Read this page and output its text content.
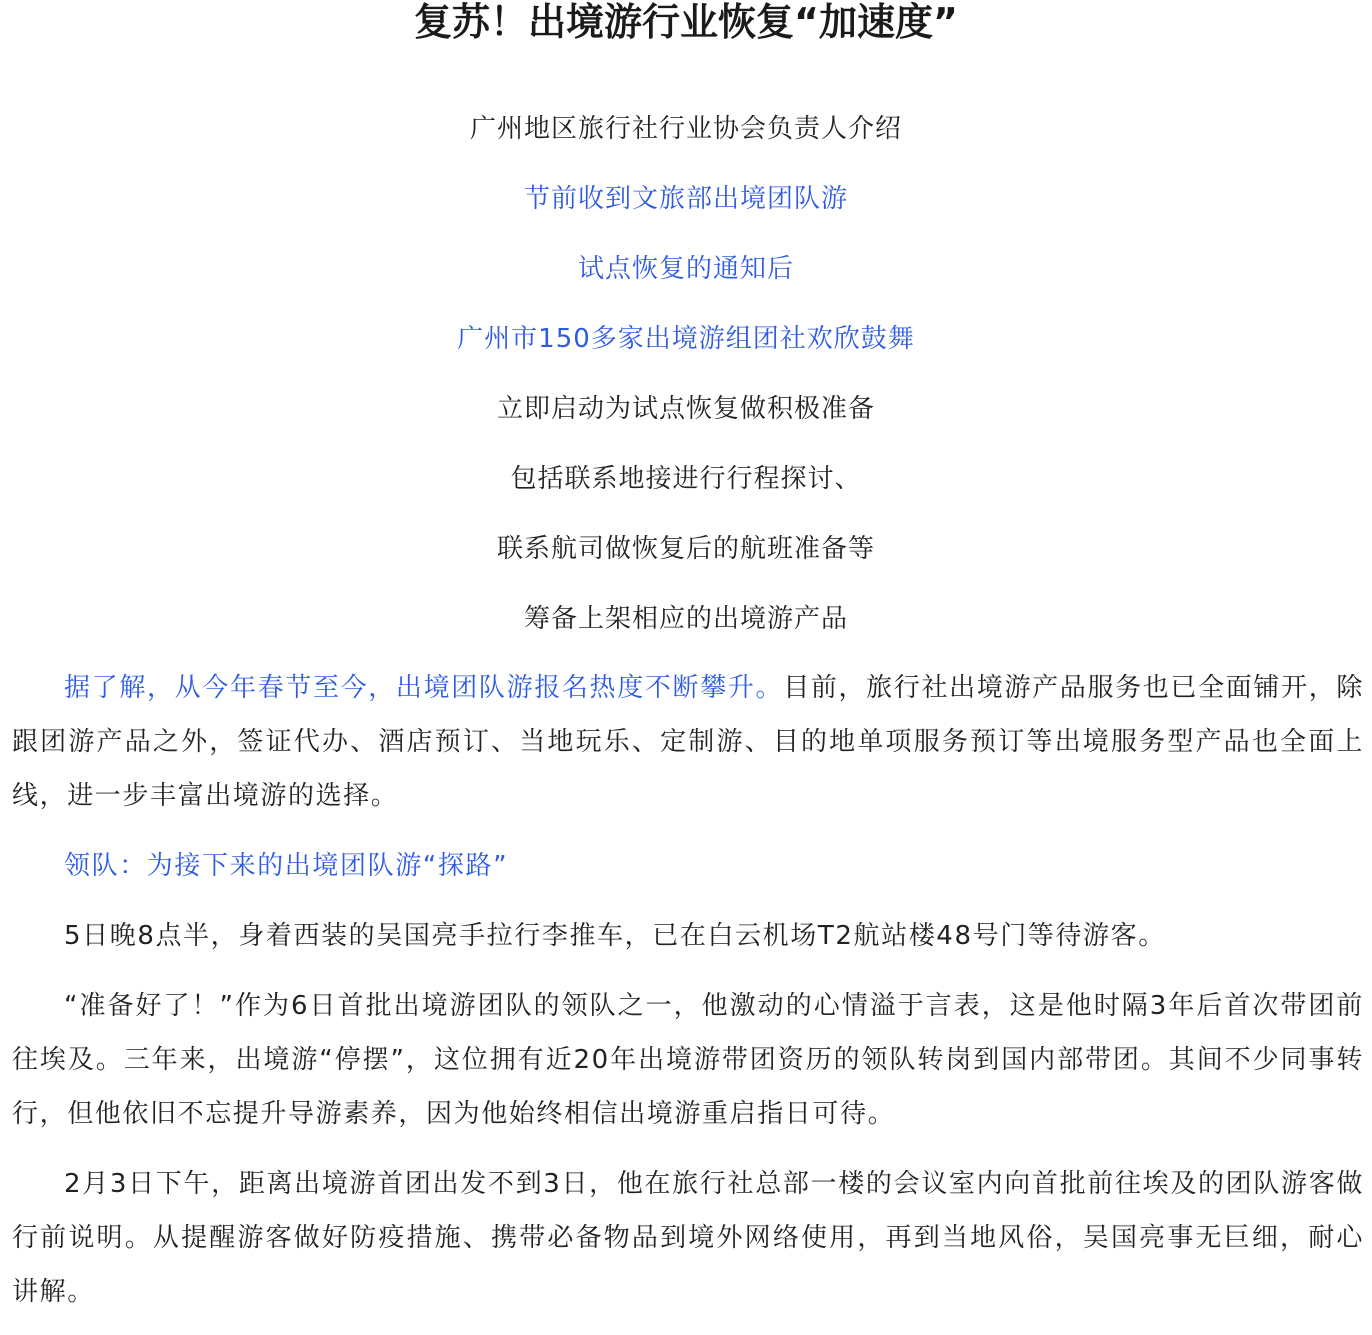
复苏！出境游行业恢复“加速度”

广州地区旅行社行业协会负责人介绍

节前收到文旅部出境团队游

试点恢复的通知后

广州市150多家出境游组团社欢欣鼓舞

立即启动为试点恢复做积极准备

包括联系地接进行行程探讨、

联系航司做恢复后的航班准备等

筹备上架相应的出境游产品

据了解，从今年春节至今，出境团队游报名热度不断攀升。目前，旅行社出境游产品服务也已全面铺开，除跟团游产品之外，签证代办、酒店预订、当地玩乐、定制游、目的地单项服务预订等出境服务型产品也全面上线，进一步丰富出境游的选择。

领队：为接下来的出境团队游“探路”

5日晚8点半，身着西装的吴国亮手拉行李推车，已在白云机场T2航站楼48号门等待游客。

“准备好了！”作为6日首批出境游团队的领队之一，他激动的心情溢于言表，这是他时隔3年后首次带团前往埃及。三年来，出境游“停摆”，这位拥有近20年出境游带团资历的领队转岗到国内部带团。其间不少同事转行，但他依旧不忘提升导游素养，因为他始终相信出境游重启指日可待。

2月3日下午，距离出境游首团出发不到3日，他在旅行社总部一楼的会议室内向首批前往埃及的团队游客做行前说明。从提醒游客做好防疫措施、携带必备物品到境外网络使用，再到当地风俗，吴国亮事无巨细，耐心讲解。
